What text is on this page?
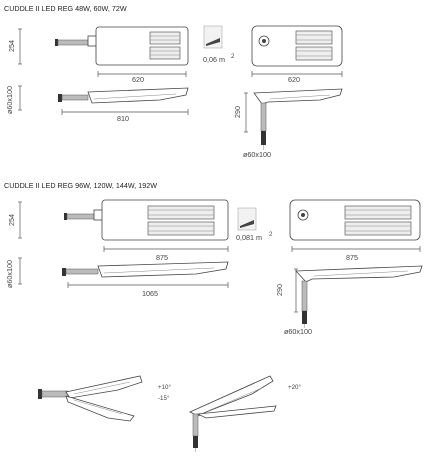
CUDDLE II LED REG 48W, 60W, 72W
254
620
0,06 m 2
620
ø60x100
810
290
ø60x100
CUDDLE II LED REG 96W, 120W, 144W, 192W
254
875
0,081 m 2
875
ø60x100
1065	290
ø60x100
+10°
-15°
+20°
